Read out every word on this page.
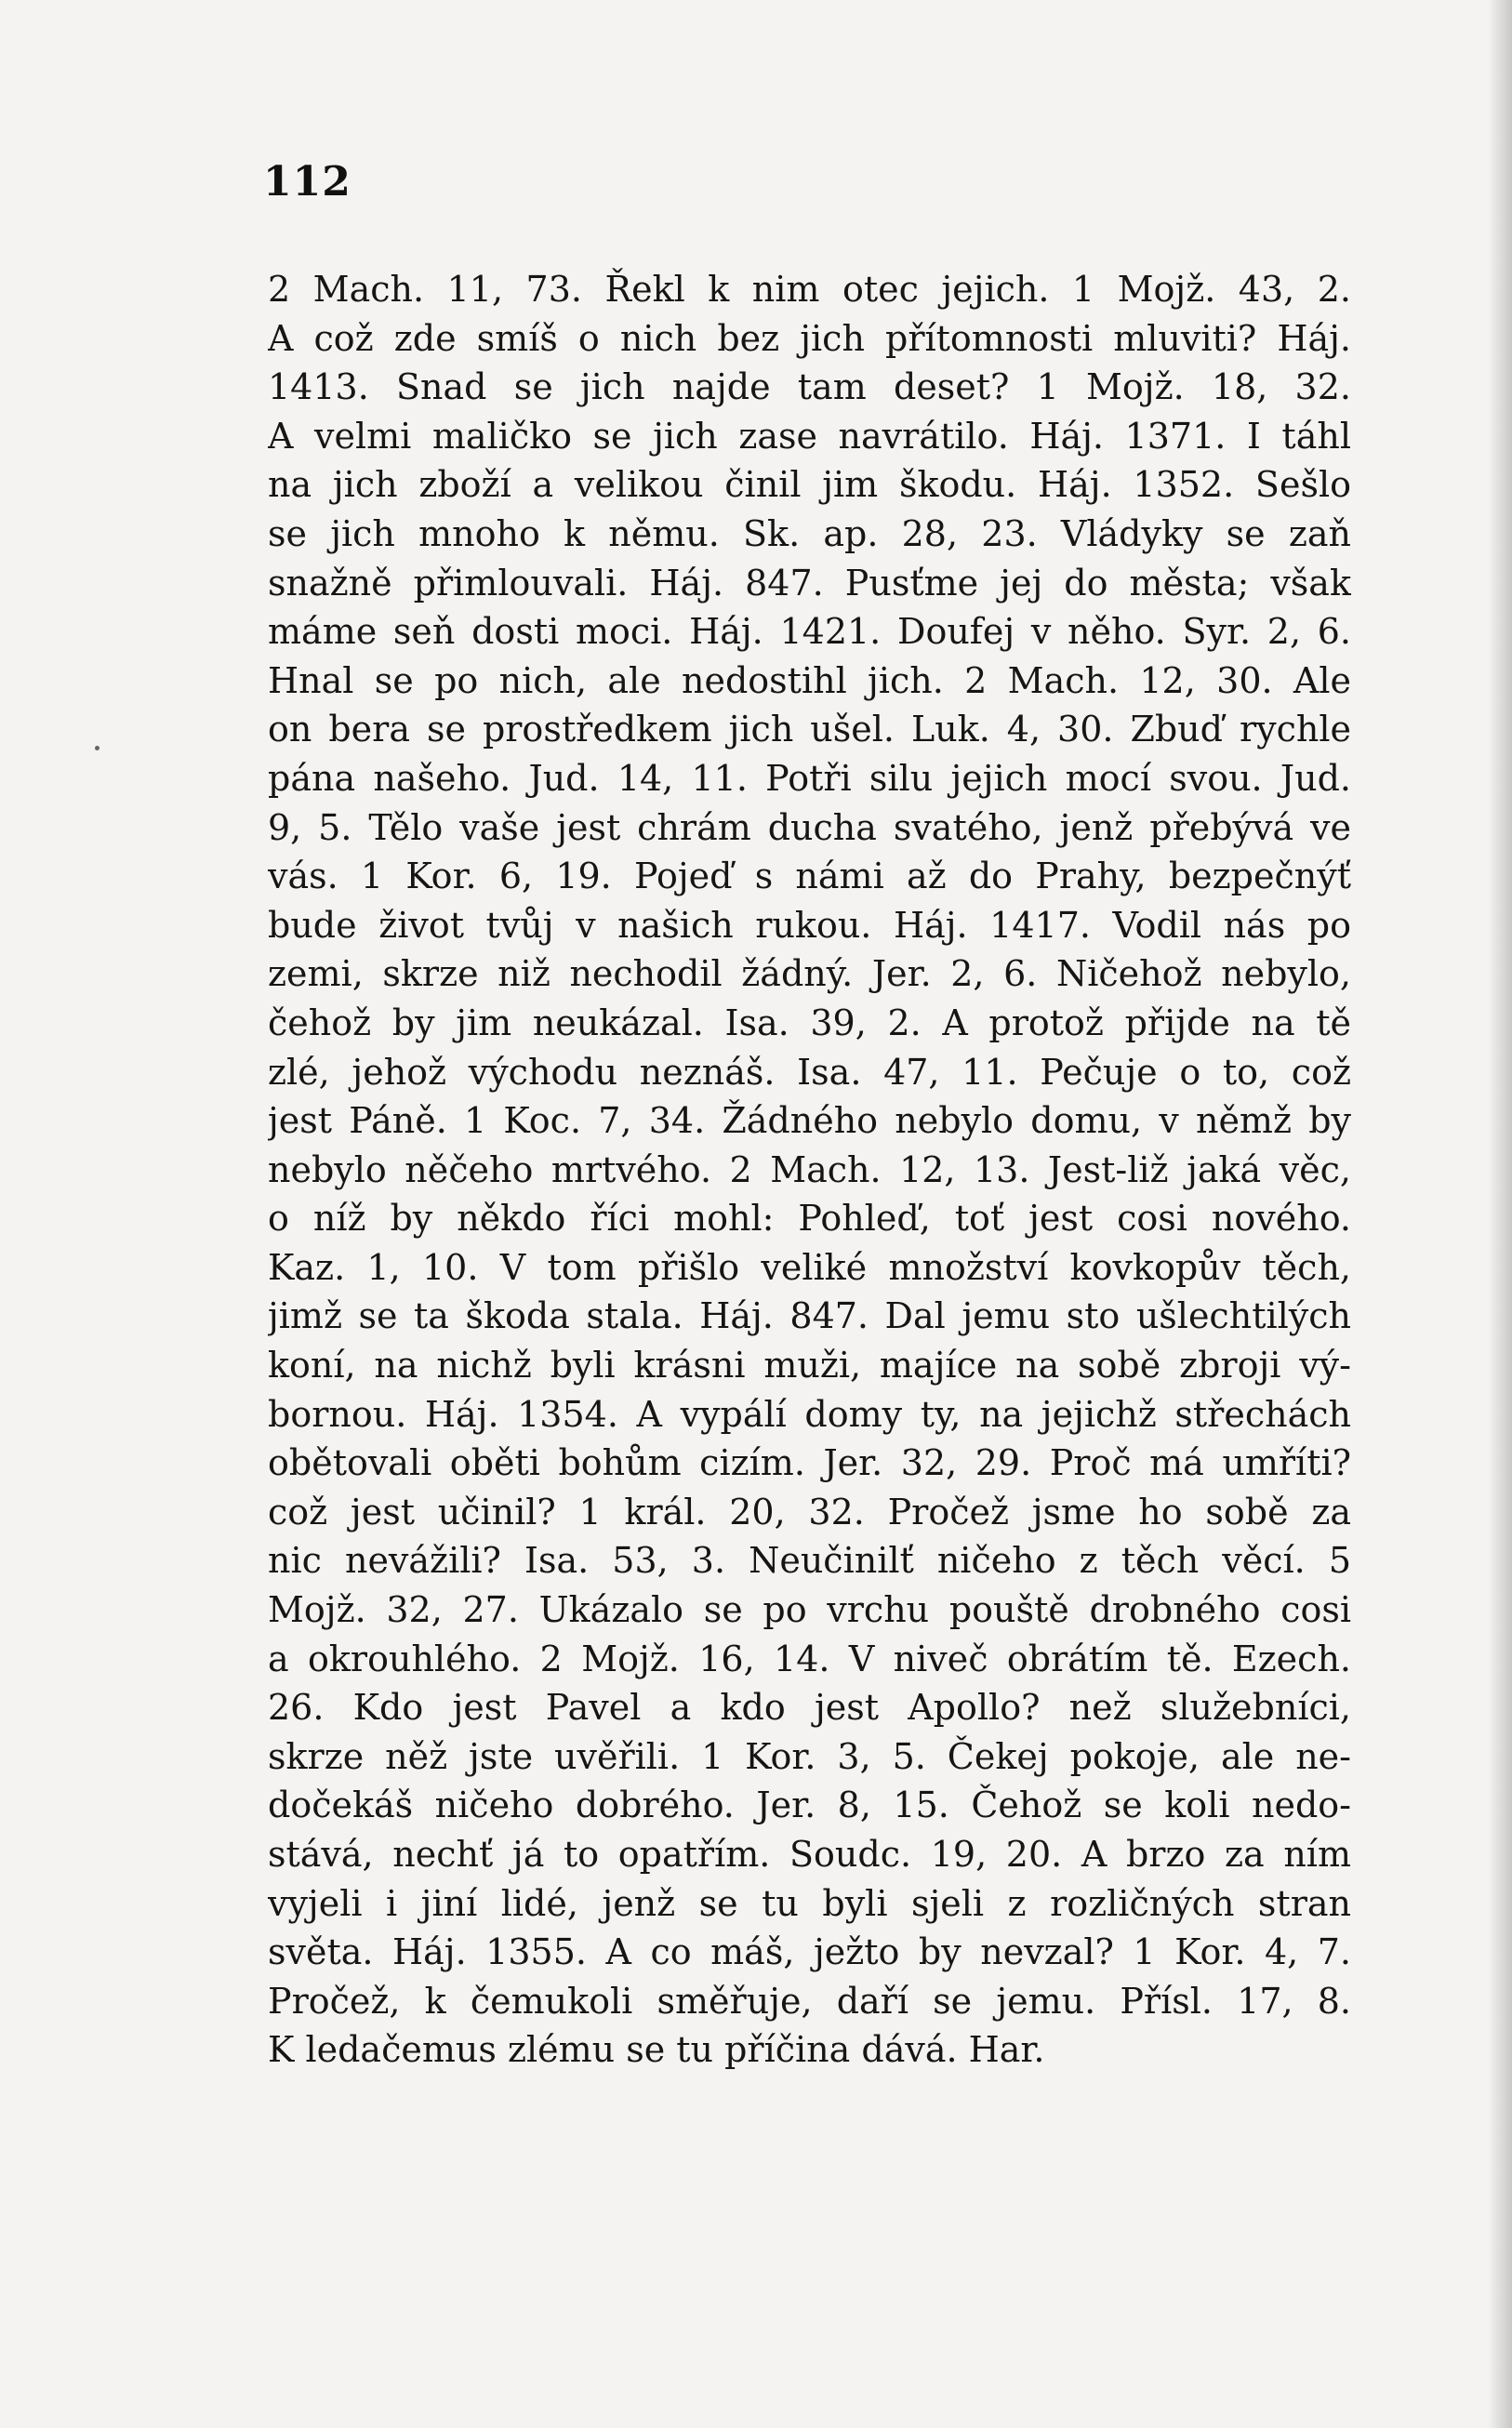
112
2 Mach. 11, 73. Řekl k nim otec jejich. 1 Mojž. 43, 2.
A což zde smíš o nich bez jich přítomnosti mluviti? Háj.
1413. Snad se jich najde tam deset? 1 Mojž. 18, 32.
A velmi maličko se jich zase navrátilo. Háj. 1371. I táhl
na jich zboží a velikou činil jim škodu. Háj. 1352. Sešlo
se jich mnoho k němu. Sk. ap. 28, 23. Vládyky se zaň
snažně přimlouvali. Háj. 847. Pusťme jej do města; však
máme seň dosti moci. Háj. 1421. Doufej v něho. Syr. 2, 6.
Hnal se po nich, ale nedostihl jich. 2 Mach. 12, 30. Ale
on bera se prostředkem jich ušel. Luk. 4, 30. Zbuď rychle
pána našeho. Jud. 14, 11. Potři silu jejich mocí svou. Jud.
9, 5. Tělo vaše jest chrám ducha svatého, jenž přebývá ve
vás. 1 Kor. 6, 19. Pojeď s námi až do Prahy, bezpečnýť
bude život tvůj v našich rukou. Háj. 1417. Vodil nás po
zemi, skrze niž nechodil žádný. Jer. 2, 6. Ničehož nebylo,
čehož by jim neukázal. Isa. 39, 2. A protož přijde na tě
zlé, jehož východu neznáš. Isa. 47, 11. Pečuje o to, což
jest Páně. 1 Koc. 7, 34. Žádného nebylo domu, v němž by
nebylo něčeho mrtvého. 2 Mach. 12, 13. Jest-liž jaká věc,
o níž by někdo říci mohl: Pohleď, toť jest cosi nového.
Kaz. 1, 10. V tom přišlo veliké množství kovkopův těch,
jimž se ta škoda stala. Háj. 847. Dal jemu sto ušlechtilých
koní, na nichž byli krásni muži, majíce na sobě zbroji vý-
bornou. Háj. 1354. A vypálí domy ty, na jejichž střechách
obětovali oběti bohům cizím. Jer. 32, 29. Proč má umříti?
což jest učinil? 1 král. 20, 32. Pročež jsme ho sobě za
nic nevážili? Isa. 53, 3. Neučinilť ničeho z těch věcí. 5
Mojž. 32, 27. Ukázalo se po vrchu pouště drobného cosi
a okrouhlého. 2 Mojž. 16, 14. V niveč obrátím tě. Ezech.
26. Kdo jest Pavel a kdo jest Apollo? než služebníci,
skrze něž jste uvěřili. 1 Kor. 3, 5. Čekej pokoje, ale ne-
dočekáš ničeho dobrého. Jer. 8, 15. Čehož se koli nedo-
stává, nechť já to opatřím. Soudc. 19, 20. A brzo za ním
vyjeli i jiní lidé, jenž se tu byli sjeli z rozličných stran
světa. Háj. 1355. A co máš, ježto by nevzal? 1 Kor. 4, 7.
Pročež, k čemukoli směřuje, daří se jemu. Přísl. 17, 8.
K ledačemus zlému se tu příčina dává. Har.
